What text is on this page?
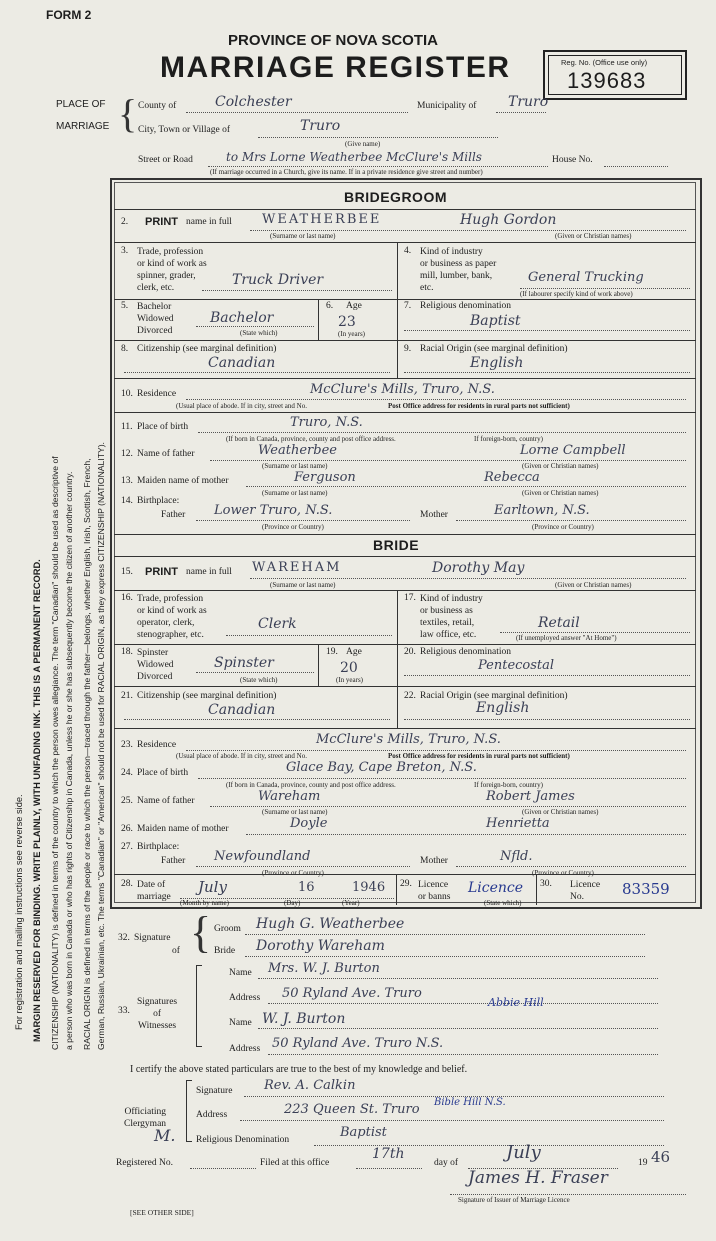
FORM 2
PROVINCE OF NOVA SCOTIA
MARRIAGE REGISTER	Reg. No. (Office use only)
139683
PLACE OF
MARRIAGE { County of	Colchester	Municipality of Truro
City, Town or Village of	Truro
(Give name)
Street or Road	to Mrs Lorne Weatherbee McClure's Mills	House No.
(If marriage occurred in a Church, give its name. If in a private residence give street and number)
For registration and mailing instructions see reverse side. MARGIN RESERVED FOR BINDING. WRITE PLAINLY, WITH UNFADING INK. THIS IS A PERMANENT RECORD. CITIZENSHIP (NATIONALITY) is defined in terms of the country to which the person owes allegiance. The term "Canadian" should be used as descriptive of a person who was born in Canada or who has rights of Citizenship in Canada, unless he or she has subsequently become the citizen of another country. RACIAL ORIGIN is defined in terms of the people or race to which the person—traced through the father—belongs, whether English, Irish, Scottish, French, German, Russian, Ukrainian, etc. The terms "Canadian" or "American" should not be used for RACIAL ORIGIN, as they express CITIZENSHIP (NATIONALITY).
BRIDEGROOM
2. PRINT name in full WEATHERBEE	Hugh Gordon
(Surname or last name)	(Given or Christian names)
3. Trade, profession
or kind of work as
spinner, grader,
clerk, etc.	Truck Driver
4. Kind of industry
or business as paper
mill, lumber, bank,
etc.
General Trucking
(If labourer specify kind of work above)
5. Bachelor
Widowed
Divorced
Bachelor
(State which)
6. Age
23
(In years)
7. Religious denomination
Baptist
8. Citizenship (see marginal definition)
Canadian
9. Racial Origin (see marginal definition)
English
10. Residence	McClure's Mills, Truro, N.S.
(Usual place of abode. If in city, street and No.	Post Office address for residents in rural parts not sufficient)
11. Place of birth	Truro, N.S.
(If born in Canada, province, county and post office address.	If foreign-born, country)
12. Name of father	Weatherbee	Lorne Campbell
(Surname or last name)	(Given or Christian names)
13. Maiden name of mother	Ferguson	Rebecca
(Surname or last name)	(Given or Christian names)
14. Birthplace:
Father Lower Truro, N.S.	Mother	Earltown, N.S.
(Province or Country)	(Province or Country)
BRIDE
15. PRINT name in full WAREHAM	Dorothy May
(Surname or last name)	(Given or Christian names)
16. Trade, profession
or kind of work as
operator, clerk,
stenographer, etc.
Clerk
17. Kind of industry
or business as
textiles, retail,
law office, etc.
Retail
(If unemployed answer "At Home")
18. Spinster
Widowed
Divorced
Spinster
(State which)
19. Age
20
(In years)
20. Religious denomination
Pentecostal
21. Citizenship (see marginal definition)
Canadian
22. Racial Origin (see marginal definition)
English
23. Residence	McClure's Mills, Truro, N.S.
(Usual place of abode. If in city, street and No.	Post Office address for residents in rural parts not sufficient)
24. Place of birth	Glace Bay, Cape Breton, N.S.
(If born in Canada, province, county and post office address.	If foreign-born, country)
25. Name of father	Wareham	Robert James
(Surname or last name)	(Given or Christian names)
26. Maiden name of mother	Doyle	Henrietta
27. Birthplace:
Father Newfoundland	Mother	Nfld.
(Province or Country)	(Province or Country)
28. Date of
marriage
July	16	1946
(Month by name)	(Day)	(Year)
29. Licence
or banns
Licence
(State which)
30. Licence
No.	83359
32. Signature
of { Groom Hugh G. Weatherbee
Bride Dorothy Wareham
33.
Signatures
of
Witnesses
Name Mrs. W. J. Burton
Address 50 Ryland Ave. Truro
Name W. J. Burton
Abbie Hill
Address 50 Ryland Ave. Truro N.S.
I certify the above stated particulars are true to the best of my knowledge and belief.
Officiating
Clergyman
Signature Rev. A. Calkin
Address	223 Queen St. Truro Bible Hill N.S.
Religious Denomination	Baptist
M.
Registered No.	Filed at this office
17th
day of	July	19 46
James H. Fraser
Signature of Issuer of Marriage Licence
[SEE OTHER SIDE]
